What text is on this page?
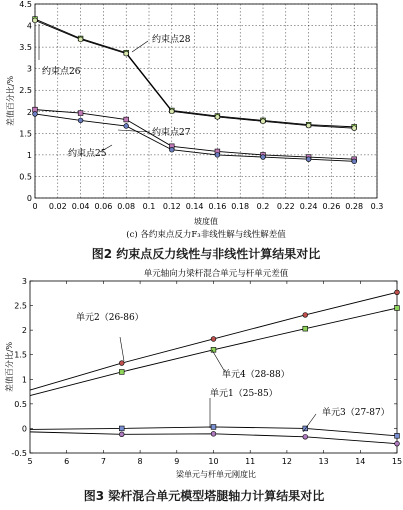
0 0.02 0.04 0.06 0.08 0.1 0.12 0.14 0.16 0.18 0.2 0.22 0.24 0.26 0.28 0.3
0
0.5
1
1.5
2
2.5
3
3.5
4
4.5
差值百分比/%
坡度值
约束点28
约束点26
约束点27
约束点25
(c) 各约束点反力F₃非线性解与线性解差值
图2 约束点反力线性与非线性计算结果对比
单元轴向力梁杆混合单元与杆单元差值
5	6	7	8	9	10	11	12	13	14	15
-0.5
0
0.5
1
1.5
2
2.5
3
差值百分比/%
梁单元与杆单元刚度比
单元2（26-86）
单元4（28-88）
单元1（25-85）
单元3（27-87）
图3 梁杆混合单元模型塔腿轴力计算结果对比
